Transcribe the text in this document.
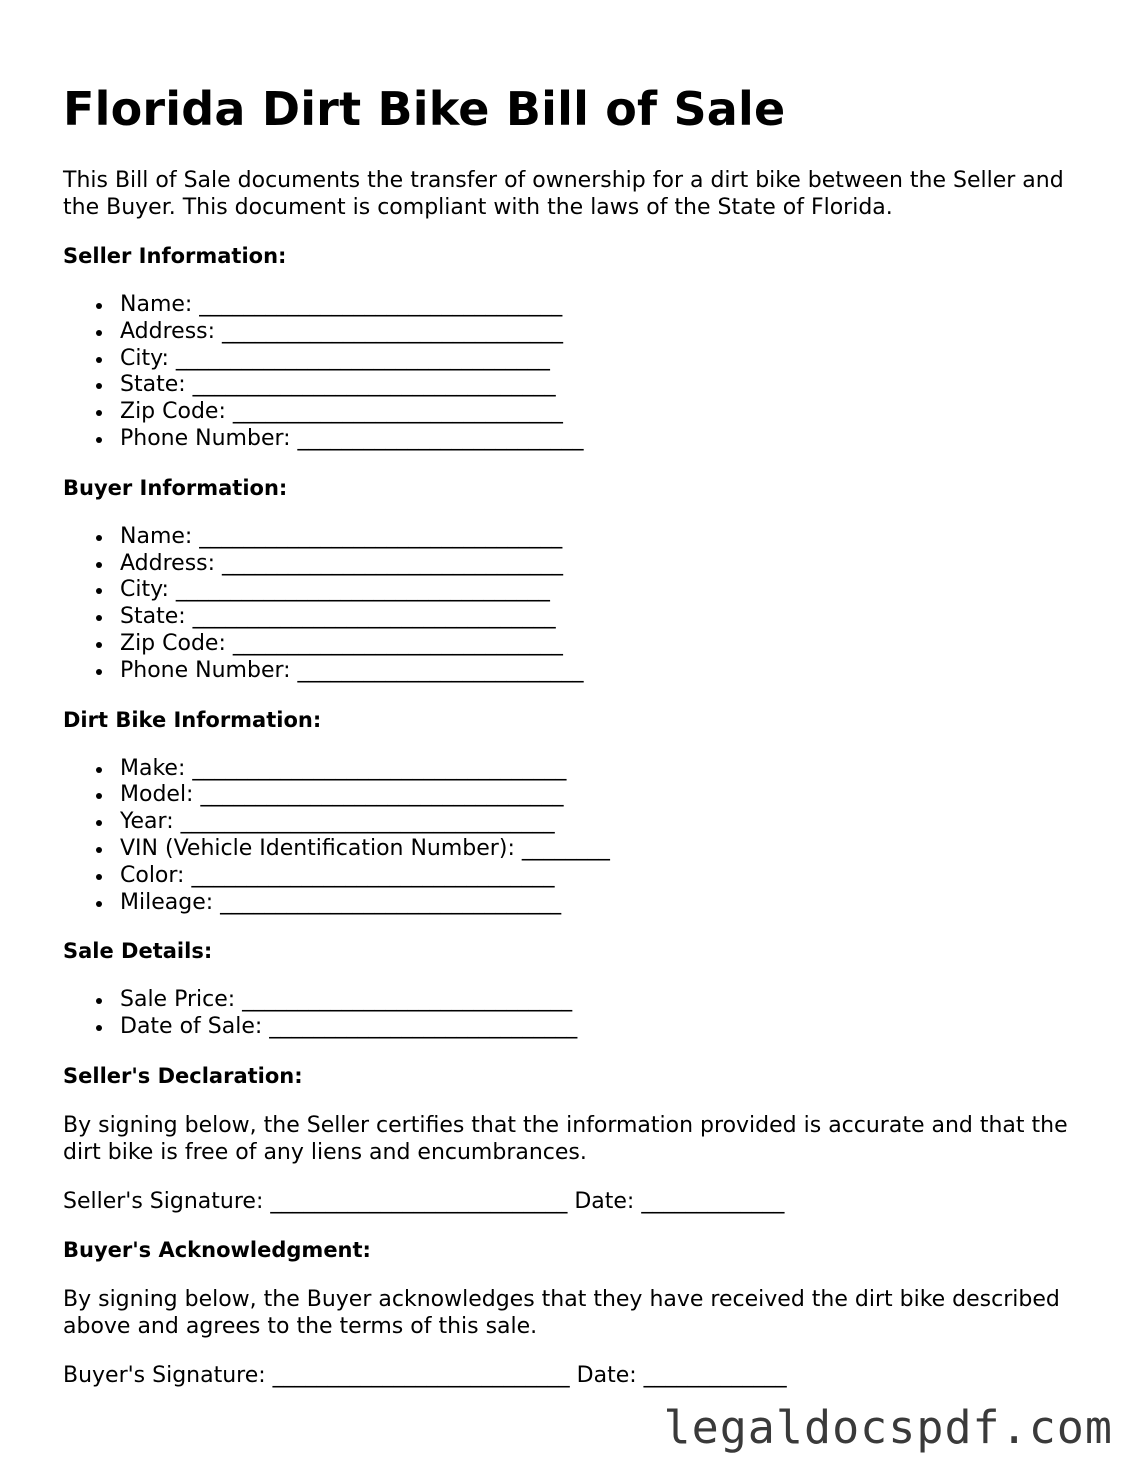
Florida Dirt Bike Bill of Sale

This Bill of Sale documents the transfer of ownership for a dirt bike between the Seller and the Buyer. This document is compliant with the laws of the State of Florida.

Seller Information:
Name: _________________________________
Address: _______________________________
City: __________________________________
State: _________________________________
Zip Code: ______________________________
Phone Number: __________________________
Buyer Information:
Name: _________________________________
Address: _______________________________
City: __________________________________
State: _________________________________
Zip Code: ______________________________
Phone Number: __________________________
Dirt Bike Information:
Make: __________________________________
Model: _________________________________
Year: __________________________________
VIN (Vehicle Identification Number): ________
Color: _________________________________
Mileage: _______________________________
Sale Details:
Sale Price: ______________________________
Date of Sale: ____________________________
Seller's Declaration:

By signing below, the Seller certifies that the information provided is accurate and that the dirt bike is free of any liens and encumbrances.

Seller's Signature: ___________________________ Date: _____________
Buyer's Acknowledgment:

By signing below, the Buyer acknowledges that they have received the dirt bike described above and agrees to the terms of this sale.

Buyer's Signature: ___________________________ Date: _____________
legaldocspdf.com
